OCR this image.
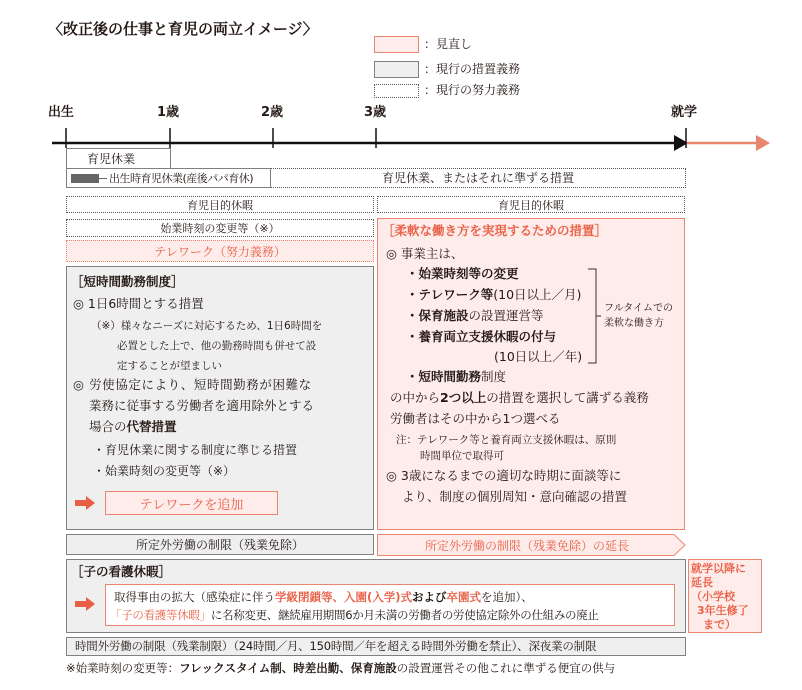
〈改正後の仕事と育児の両立イメージ〉
：見直し
：現行の措置義務
：現行の努力義務
出生	1歳	2歳	3歳	就学
育児休業
出生時育児休業(産後パパ育休)	育児休業、またはそれに準ずる措置
育児目的休暇	育児目的休暇
始業時刻の変更等（※）
テレワーク（努力義務）
［短時間勤務制度］
◎ 1日6時間とする措置
（※）様々なニーズに対応するため、1日6時間を
必置とした上で、他の勤務時間も併せて設
定することが望ましい
◎ 労使協定により、短時間勤務が困難な
業務に従事する労働者を適用除外とする
場合の代替措置
・育児休業に関する制度に準じる措置
・始業時刻の変更等（※）
テレワークを追加
［柔軟な働き方を実現するための措置］
◎ 事業主は、
・始業時刻等の変更
・テレワーク等(10日以上／月)
・保育施設の設置運営等
・養育両立支援休暇の付与
(10日以上／年)
フルタイムでの
柔軟な働き方
・短時間勤務制度
の中から2つ以上の措置を選択して講ずる義務
労働者はその中から1つ選べる
注：テレワーク等と養育両立支援休暇は、原則
時間単位で取得可
◎ 3歳になるまでの適切な時期に面談等に
より、制度の個別周知・意向確認の措置
所定外労働の制限（残業免除）	所定外労働の制限（残業免除）の延長
［子の看護休暇］
取得事由の拡大（感染症に伴う学級閉鎖等、入園(入学)式および卒園式を追加）、
「子の看護等休暇」に名称変更、継続雇用期間6か月未満の労働者の労使協定除外の仕組みの廃止
就学以降に
延長
（小学校
3年生修了
まで）
時間外労働の制限（残業制限）（24時間／月、150時間／年を超える時間外労働を禁止）、深夜業の制限
※始業時刻の変更等：フレックスタイム制、時差出勤、保育施設の設置運営その他これに準ずる便宜の供与
